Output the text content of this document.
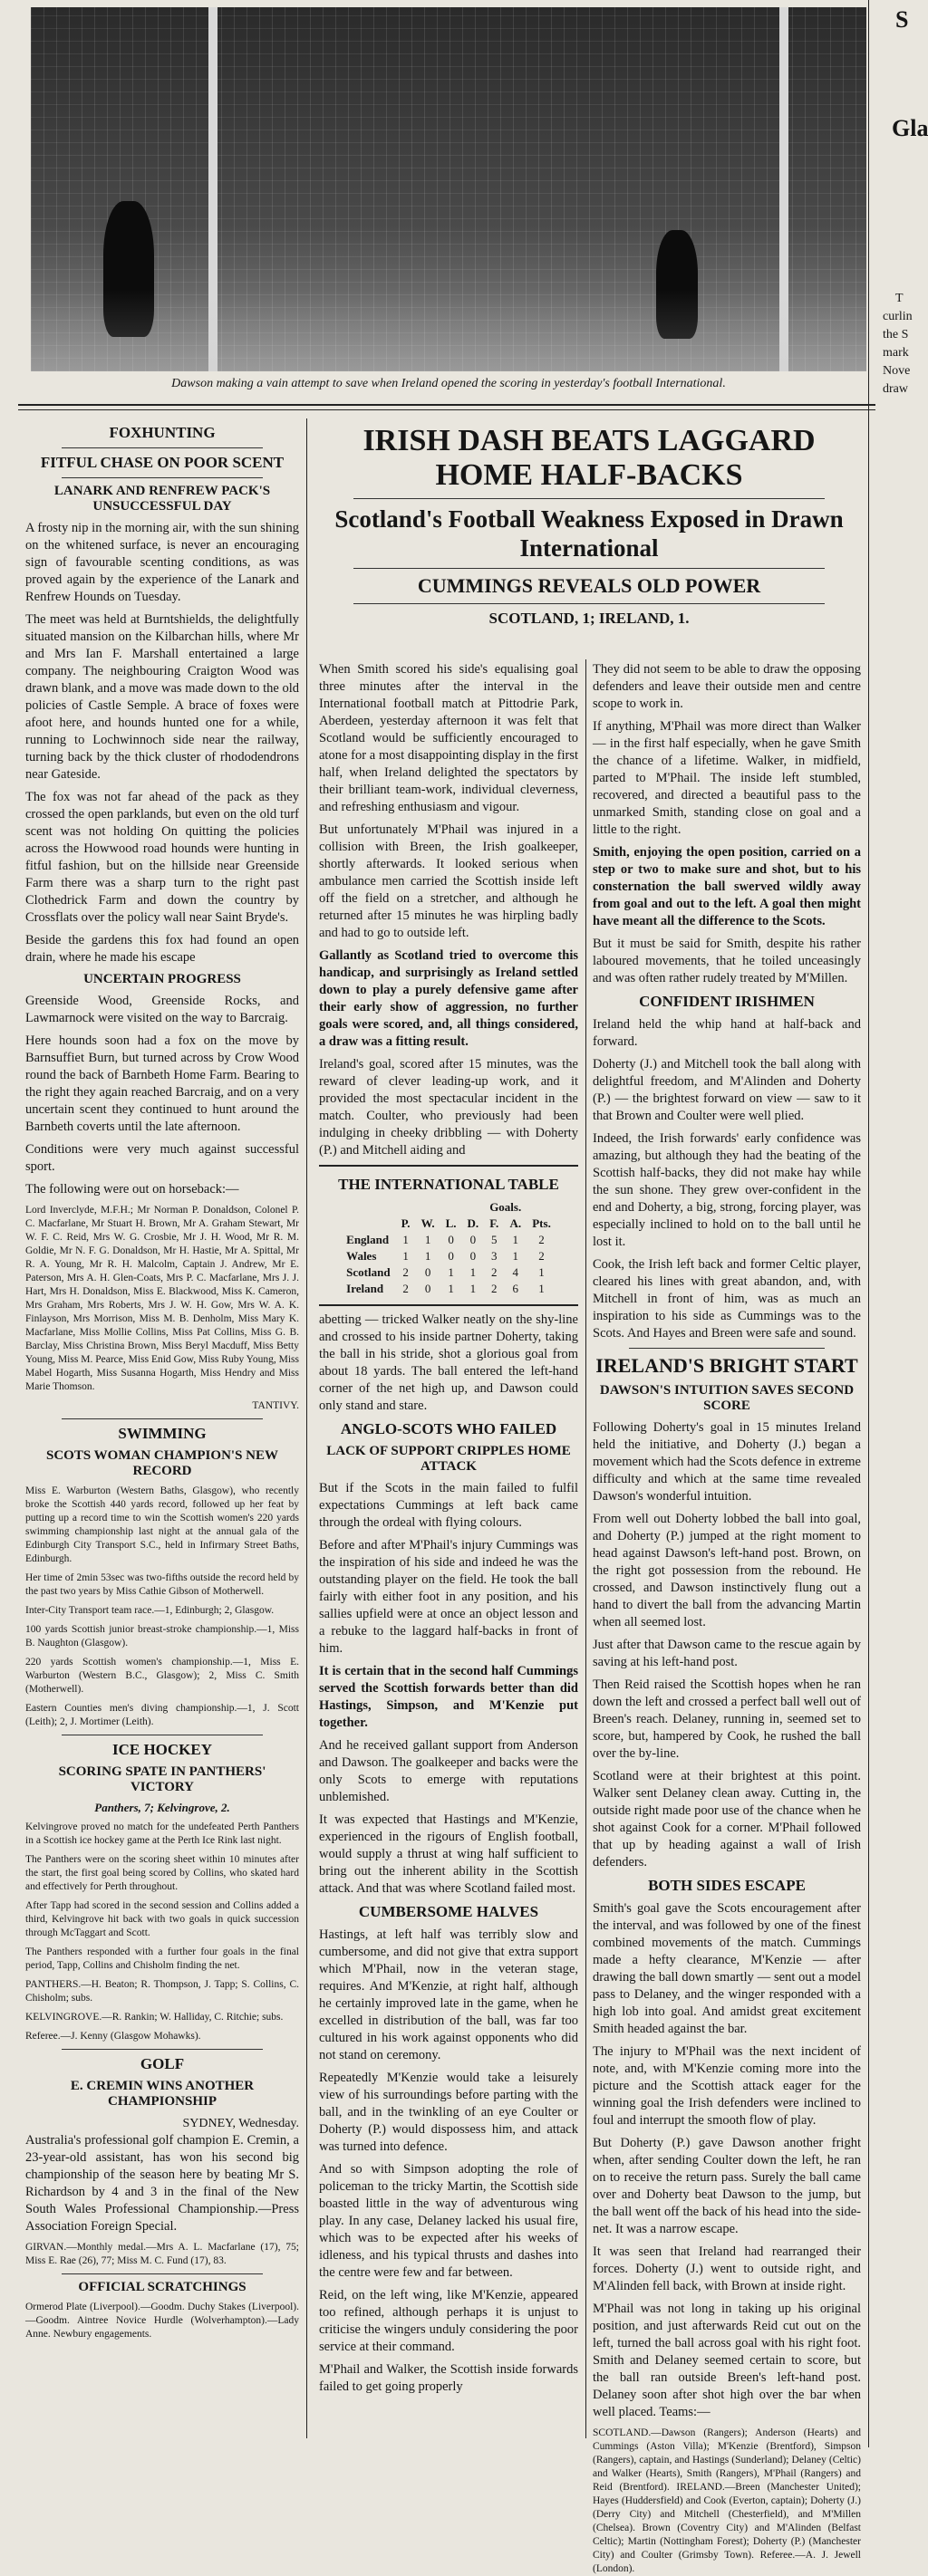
Dawson making a vain attempt to save when Ireland opened the scoring in yesterday's football International.
FOXHUNTING
FITFUL CHASE ON POOR SCENT
LANARK AND RENFREW PACK'S UNSUCCESSFUL DAY

A frosty nip in the morning air, with the sun shining on the whitened surface, is never an encouraging sign of favourable scenting conditions, as was proved again by the experience of the Lanark and Renfrew Hounds on Tuesday.

The meet was held at Burntshields, the delightfully situated mansion on the Kilbarchan hills, where Mr and Mrs Ian F. Marshall entertained a large company. The neighbouring Craigton Wood was drawn blank, and a move was made down to the old policies of Castle Semple. A brace of foxes were afoot here, and hounds hunted one for a while, running to Lochwinnoch side near the railway, turning back by the thick cluster of rhododendrons near Gateside.

The fox was not far ahead of the pack as they crossed the open parklands, but even on the old turf scent was not holding On quitting the policies across the Howwood road hounds were hunting in fitful fashion, but on the hillside near Greenside Farm there was a sharp turn to the right past Clothedrick Farm and down the country by Crossflats over the policy wall near Saint Bryde's.

Beside the gardens this fox had found an open drain, where he made his escape

UNCERTAIN PROGRESS

Greenside Wood, Greenside Rocks, and Lawmarnock were visited on the way to Barcraig.

Here hounds soon had a fox on the move by Barnsuffiet Burn, but turned across by Crow Wood round the back of Barnbeth Home Farm. Bearing to the right they again reached Barcraig, and on a very uncertain scent they continued to hunt around the Barnbeth coverts until the late afternoon.

Conditions were very much against successful sport.

The following were out on horseback:—

Lord Inverclyde, M.F.H.; Mr Norman P. Donaldson, Colonel P. C. Macfarlane, Mr Stuart H. Brown, Mr A. Graham Stewart, Mr W. F. C. Reid, Mrs W. G. Crosbie, Mr J. H. Wood, Mr R. M. Goldie, Mr N. F. G. Donaldson, Mr H. Hastie, Mr A. Spittal, Mr R. A. Young, Mr R. H. Malcolm, Captain J. Andrew, Mr E. Paterson, Mrs A. H. Glen-Coats, Mrs P. C. Macfarlane, Mrs J. J. Hart, Mrs H. Donaldson, Miss E. Blackwood, Miss K. Cameron, Mrs Graham, Mrs Roberts, Mrs J. W. H. Gow, Mrs W. A. K. Finlayson, Mrs Morrison, Miss M. B. Denholm, Miss Mary K. Macfarlane, Miss Mollie Collins, Miss Pat Collins, Miss G. B. Barclay, Miss Christina Brown, Miss Beryl Macduff, Miss Betty Young, Miss M. Pearce, Miss Enid Gow, Miss Ruby Young, Miss Mabel Hogarth, Miss Susanna Hogarth, Miss Hendry and Miss Marie Thomson.

TANTIVY.

SWIMMING
SCOTS WOMAN CHAMPION'S NEW RECORD

Miss E. Warburton (Western Baths, Glasgow), who recently broke the Scottish 440 yards record, followed up her feat by putting up a record time to win the Scottish women's 220 yards swimming championship last night at the annual gala of the Edinburgh City Transport S.C., held in Infirmary Street Baths, Edinburgh.

Her time of 2min 53sec was two-fifths outside the record held by the past two years by Miss Cathie Gibson of Motherwell.

Inter-City Transport team race.—1, Edinburgh; 2, Glasgow.

100 yards Scottish junior breast-stroke championship.—1, Miss B. Naughton (Glasgow).

220 yards Scottish women's championship.—1, Miss E. Warburton (Western B.C., Glasgow); 2, Miss C. Smith (Motherwell).

Eastern Counties men's diving championship.—1, J. Scott (Leith); 2, J. Mortimer (Leith).

ICE HOCKEY
SCORING SPATE IN PANTHERS' VICTORY
Panthers, 7; Kelvingrove, 2.

Kelvingrove proved no match for the undefeated Perth Panthers in a Scottish ice hockey game at the Perth Ice Rink last night.

The Panthers were on the scoring sheet within 10 minutes after the start, the first goal being scored by Collins, who skated hard and effectively for Perth throughout.

After Tapp had scored in the second session and Collins added a third, Kelvingrove hit back with two goals in quick succession through McTaggart and Scott.

The Panthers responded with a further four goals in the final period, Tapp, Collins and Chisholm finding the net.

PANTHERS.—H. Beaton; R. Thompson, J. Tapp; S. Collins, C. Chisholm; subs.

KELVINGROVE.—R. Rankin; W. Halliday, C. Ritchie; subs.

Referee.—J. Kenny (Glasgow Mohawks).

GOLF
E. CREMIN WINS ANOTHER CHAMPIONSHIP

SYDNEY, Wednesday.

Australia's professional golf champion E. Cremin, a 23-year-old assistant, has won his second big championship of the season here by beating Mr S. Richardson by 4 and 3 in the final of the New South Wales Professional Championship.—Press Association Foreign Special.

GIRVAN.—Monthly medal.—Mrs A. L. Macfarlane (17), 75; Miss E. Rae (26), 77; Miss M. C. Fund (17), 83.

OFFICIAL SCRATCHINGS

Ormerod Plate (Liverpool).—Goodm. Duchy Stakes (Liverpool).—Goodm. Aintree Novice Hurdle (Wolverhampton).—Lady Anne. Newbury engagements.

IRISH DASH BEATS LAGGARD HOME HALF-BACKS
Scotland's Football Weakness Exposed in Drawn International
CUMMINGS REVEALS OLD POWER
SCOTLAND, 1; IRELAND, 1.

When Smith scored his side's equalising goal three minutes after the interval in the International football match at Pittodrie Park, Aberdeen, yesterday afternoon it was felt that Scotland would be sufficiently encouraged to atone for a most disappointing display in the first half, when Ireland delighted the spectators by their brilliant team-work, individual cleverness, and refreshing enthusiasm and vigour.

But unfortunately M'Phail was injured in a collision with Breen, the Irish goalkeeper, shortly afterwards. It looked serious when ambulance men carried the Scottish inside left off the field on a stretcher, and although he returned after 15 minutes he was hirpling badly and had to go to outside left.

Gallantly as Scotland tried to overcome this handicap, and surprisingly as Ireland settled down to play a purely defensive game after their early show of aggression, no further goals were scored, and, all things considered, a draw was a fitting result.

Ireland's goal, scored after 15 minutes, was the reward of clever leading-up work, and it provided the most spectacular incident in the match. Coulter, who previously had been indulging in cheeky dribbling — with Doherty (P.) and Mitchell aiding and

THE INTERNATIONAL TABLE
					Goals.		
	P.	W.	L.	D.	F.	A.	Pts.
England	1	1	0	0	5	1	2
Wales	1	1	0	0	3	1	2
Scotland	2	0	1	1	2	4	1
Ireland	2	0	1	1	2	6	1

abetting — tricked Walker neatly on the shy-line and crossed to his inside partner Doherty, taking the ball in his stride, shot a glorious goal from about 18 yards. The ball entered the left-hand corner of the net high up, and Dawson could only stand and stare.

ANGLO-SCOTS WHO FAILED
LACK OF SUPPORT CRIPPLES HOME ATTACK

But if the Scots in the main failed to fulfil expectations Cummings at left back came through the ordeal with flying colours.

Before and after M'Phail's injury Cummings was the inspiration of his side and indeed he was the outstanding player on the field. He took the ball fairly with either foot in any position, and his sallies upfield were at once an object lesson and a rebuke to the laggard half-backs in front of him.

It is certain that in the second half Cummings served the Scottish forwards better than did Hastings, Simpson, and M'Kenzie put together.

And he received gallant support from Anderson and Dawson. The goalkeeper and backs were the only Scots to emerge with reputations unblemished.

It was expected that Hastings and M'Kenzie, experienced in the rigours of English football, would supply a thrust at wing half sufficient to bring out the inherent ability in the Scottish attack. And that was where Scotland failed most.

CUMBERSOME HALVES

Hastings, at left half was terribly slow and cumbersome, and did not give that extra support which M'Phail, now in the veteran stage, requires. And M'Kenzie, at right half, although he certainly improved late in the game, when he excelled in distribution of the ball, was far too cultured in his work against opponents who did not stand on ceremony.

Repeatedly M'Kenzie would take a leisurely view of his surroundings before parting with the ball, and in the twinkling of an eye Coulter or Doherty (P.) would dispossess him, and attack was turned into defence.

And so with Simpson adopting the role of policeman to the tricky Martin, the Scottish side boasted little in the way of adventurous wing play. In any case, Delaney lacked his usual fire, which was to be expected after his weeks of idleness, and his typical thrusts and dashes into the centre were few and far between.

Reid, on the left wing, like M'Kenzie, appeared too refined, although perhaps it is unjust to criticise the wingers unduly considering the poor service at their command.

M'Phail and Walker, the Scottish inside forwards failed to get going properly

They did not seem to be able to draw the opposing defenders and leave their outside men and centre scope to work in.

If anything, M'Phail was more direct than Walker — in the first half especially, when he gave Smith the chance of a lifetime. Walker, in midfield, parted to M'Phail. The inside left stumbled, recovered, and directed a beautiful pass to the unmarked Smith, standing close on goal and a little to the right.

Smith, enjoying the open position, carried on a step or two to make sure and shot, but to his consternation the ball swerved wildly away from goal and out to the left. A goal then might have meant all the difference to the Scots.

But it must be said for Smith, despite his rather laboured movements, that he toiled unceasingly and was often rather rudely treated by M'Millen.

CONFIDENT IRISHMEN

Ireland held the whip hand at half-back and forward.

Doherty (J.) and Mitchell took the ball along with delightful freedom, and M'Alinden and Doherty (P.) — the brightest forward on view — saw to it that Brown and Coulter were well plied.

Indeed, the Irish forwards' early confidence was amazing, but although they had the beating of the Scottish half-backs, they did not make hay while the sun shone. They grew over-confident in the end and Doherty, a big, strong, forcing player, was especially inclined to hold on to the ball until he lost it.

Cook, the Irish left back and former Celtic player, cleared his lines with great abandon, and, with Mitchell in front of him, was as much an inspiration to his side as Cummings was to the Scots. And Hayes and Breen were safe and sound.

IRELAND'S BRIGHT START
DAWSON'S INTUITION SAVES SECOND SCORE

Following Doherty's goal in 15 minutes Ireland held the initiative, and Doherty (J.) began a movement which had the Scots defence in extreme difficulty and which at the same time revealed Dawson's wonderful intuition.

From well out Doherty lobbed the ball into goal, and Doherty (P.) jumped at the right moment to head against Dawson's left-hand post. Brown, on the right got possession from the rebound. He crossed, and Dawson instinctively flung out a hand to divert the ball from the advancing Martin when all seemed lost.

Just after that Dawson came to the rescue again by saving at his left-hand post.

Then Reid raised the Scottish hopes when he ran down the left and crossed a perfect ball well out of Breen's reach. Delaney, running in, seemed set to score, but, hampered by Cook, he rushed the ball over the by-line.

Scotland were at their brightest at this point. Walker sent Delaney clean away. Cutting in, the outside right made poor use of the chance when he shot against Cook for a corner. M'Phail followed that up by heading against a wall of Irish defenders.

BOTH SIDES ESCAPE

Smith's goal gave the Scots encouragement after the interval, and was followed by one of the finest combined movements of the match. Cummings made a hefty clearance, M'Kenzie — after drawing the ball down smartly — sent out a model pass to Delaney, and the winger responded with a high lob into goal. And amidst great excitement Smith headed against the bar.

The injury to M'Phail was the next incident of note, and, with M'Kenzie coming more into the picture and the Scottish attack eager for the winning goal the Irish defenders were inclined to foul and interrupt the smooth flow of play.

But Doherty (P.) gave Dawson another fright when, after sending Coulter down the left, he ran on to receive the return pass. Surely the ball came over and Doherty beat Dawson to the jump, but the ball went off the back of his head into the side-net. It was a narrow escape.

It was seen that Ireland had rearranged their forces. Doherty (J.) went to outside right, and M'Alinden fell back, with Brown at inside right.

M'Phail was not long in taking up his original position, and just afterwards Reid cut out on the left, turned the ball across goal with his right foot. Smith and Delaney seemed certain to score, but the ball ran outside Breen's left-hand post. Delaney soon after shot high over the bar when well placed. Teams:—

SCOTLAND.—Dawson (Rangers); Anderson (Hearts) and Cummings (Aston Villa); M'Kenzie (Brentford), Simpson (Rangers), captain, and Hastings (Sunderland); Delaney (Celtic) and Walker (Hearts), Smith (Rangers), M'Phail (Rangers) and Reid (Brentford). IRELAND.—Breen (Manchester United); Hayes (Huddersfield) and Cook (Everton, captain); Doherty (J.) (Derry City) and Mitchell (Chesterfield), and M'Millen (Chelsea). Brown (Coventry City) and M'Alinden (Belfast Celtic); Martin (Nottingham Forest); Doherty (P.) (Manchester City) and Coulter (Grimsby Town). Referee.—A. J. Jewell (London).

S

Gla

T

curlin

the S

mark

Nove

draw
